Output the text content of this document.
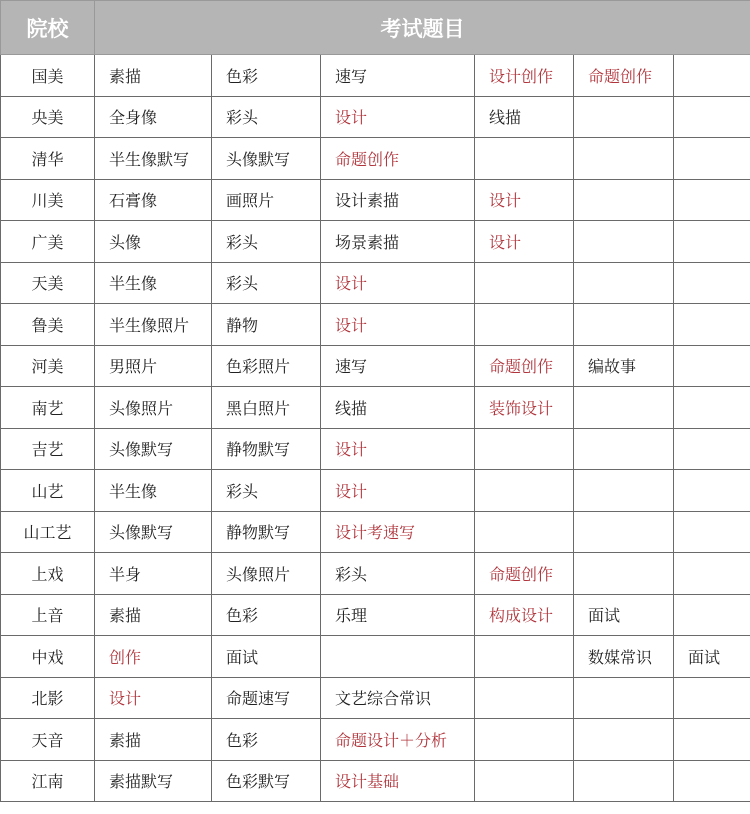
院校	考试题目					
国美	素描	色彩	速写	设计创作	命题创作	
央美	全身像	彩头	设计	线描		
清华	半生像默写	头像默写	命题创作			
川美	石膏像	画照片	设计素描	设计		
广美	头像	彩头	场景素描	设计		
天美	半生像	彩头	设计			
鲁美	半生像照片	静物	设计			
河美	男照片	色彩照片	速写	命题创作	编故事	
南艺	头像照片	黑白照片	线描	装饰设计		
吉艺	头像默写	静物默写	设计			
山艺	半生像	彩头	设计			
山工艺	头像默写	静物默写	设计考速写			
上戏	半身	头像照片	彩头	命题创作		
上音	素描	色彩	乐理	构成设计	面试	
中戏	创作	面试			数媒常识	面试
北影	设计	命题速写	文艺综合常识			
天音	素描	色彩	命题设计＋分析			
江南	素描默写	色彩默写	设计基础			
